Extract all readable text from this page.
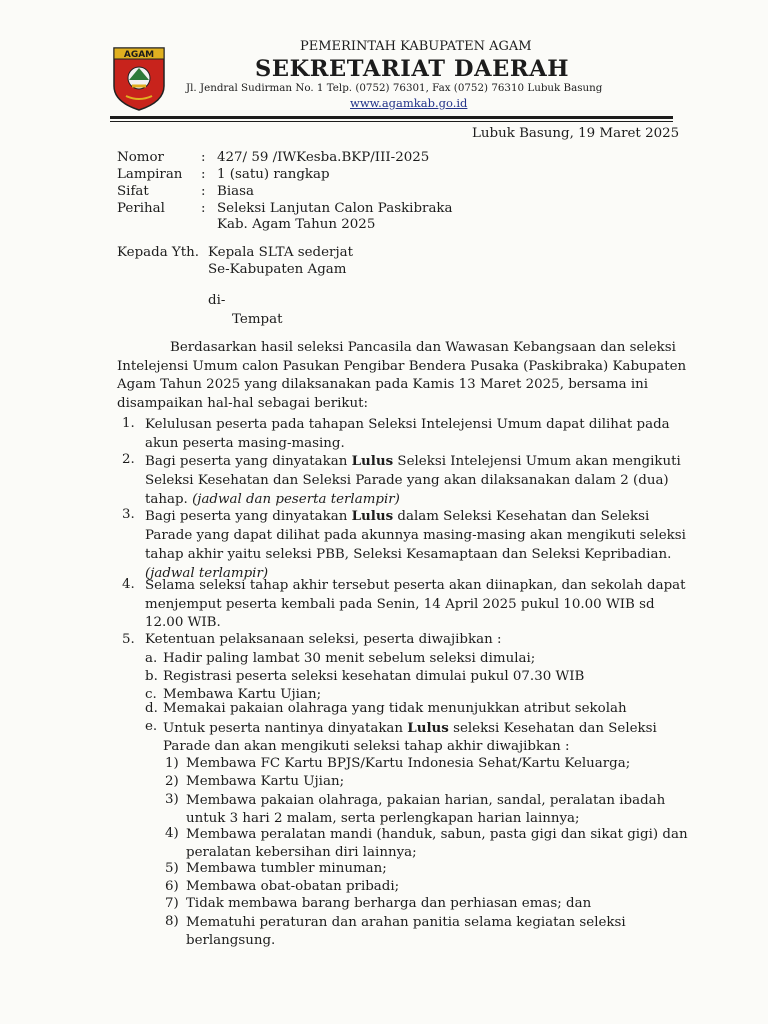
AGAM
PEMERINTAH KABUPATEN AGAM
SEKRETARIAT DAERAH
Jl. Jendral Sudirman No. 1 Telp. (0752) 76301, Fax (0752) 76310 Lubuk Basung
www.agamkab.go.id
Lubuk Basung, 19 Maret 2025
Nomor	: 427/ 59 /IWKesba.BKP/III-2025
Lampiran : 1 (satu) rangkap
Sifat	: Biasa
Perihal	: Seleksi Lanjutan Calon Paskibraka
Kab. Agam Tahun 2025
Kepada Yth. Kepala SLTA sederjat
Se-Kabupaten Agam
di-
Tempat
Berdasarkan hasil seleksi Pancasila dan Wawasan Kebangsaan dan seleksi
Intelejensi Umum calon Pasukan Pengibar Bendera Pusaka (Paskibraka) Kabupaten
Agam Tahun 2025 yang dilaksanakan pada Kamis 13 Maret 2025, bersama ini
disampaikan hal-hal sebagai berikut:
1. Kelulusan peserta pada tahapan Seleksi Intelejensi Umum dapat dilihat pada
akun peserta masing-masing.
2. Bagi peserta yang dinyatakan Lulus Seleksi Intelejensi Umum akan mengikuti
Seleksi Kesehatan dan Seleksi Parade yang akan dilaksanakan dalam 2 (dua)
tahap. (jadwal dan peserta terlampir)
3. Bagi peserta yang dinyatakan Lulus dalam Seleksi Kesehatan dan Seleksi
Parade yang dapat dilihat pada akunnya masing-masing akan mengikuti seleksi
tahap akhir yaitu seleksi PBB, Seleksi Kesamaptaan dan Seleksi Kepribadian.
(jadwal terlampir)
4. Selama seleksi tahap akhir tersebut peserta akan diinapkan, dan sekolah dapat
menjemput peserta kembali pada Senin, 14 April 2025 pukul 10.00 WIB sd
12.00 WIB.
5. Ketentuan pelaksanaan seleksi, peserta diwajibkan :
a. Hadir paling lambat 30 menit sebelum seleksi dimulai;
b. Registrasi peserta seleksi kesehatan dimulai pukul 07.30 WIB
c. Membawa Kartu Ujian;
d. Memakai pakaian olahraga yang tidak menunjukkan atribut sekolah
e. Untuk peserta nantinya dinyatakan Lulus seleksi Kesehatan dan Seleksi
Parade dan akan mengikuti seleksi tahap akhir diwajibkan :
1) Membawa FC Kartu BPJS/Kartu Indonesia Sehat/Kartu Keluarga;
2) Membawa Kartu Ujian;
3) Membawa pakaian olahraga, pakaian harian, sandal, peralatan ibadah
untuk 3 hari 2 malam, serta perlengkapan harian lainnya;
4) Membawa peralatan mandi (handuk, sabun, pasta gigi dan sikat gigi) dan
peralatan kebersihan diri lainnya;
5) Membawa tumbler minuman;
6) Membawa obat-obatan pribadi;
7) Tidak membawa barang berharga dan perhiasan emas; dan
8) Mematuhi peraturan dan arahan panitia selama kegiatan seleksi
berlangsung.
